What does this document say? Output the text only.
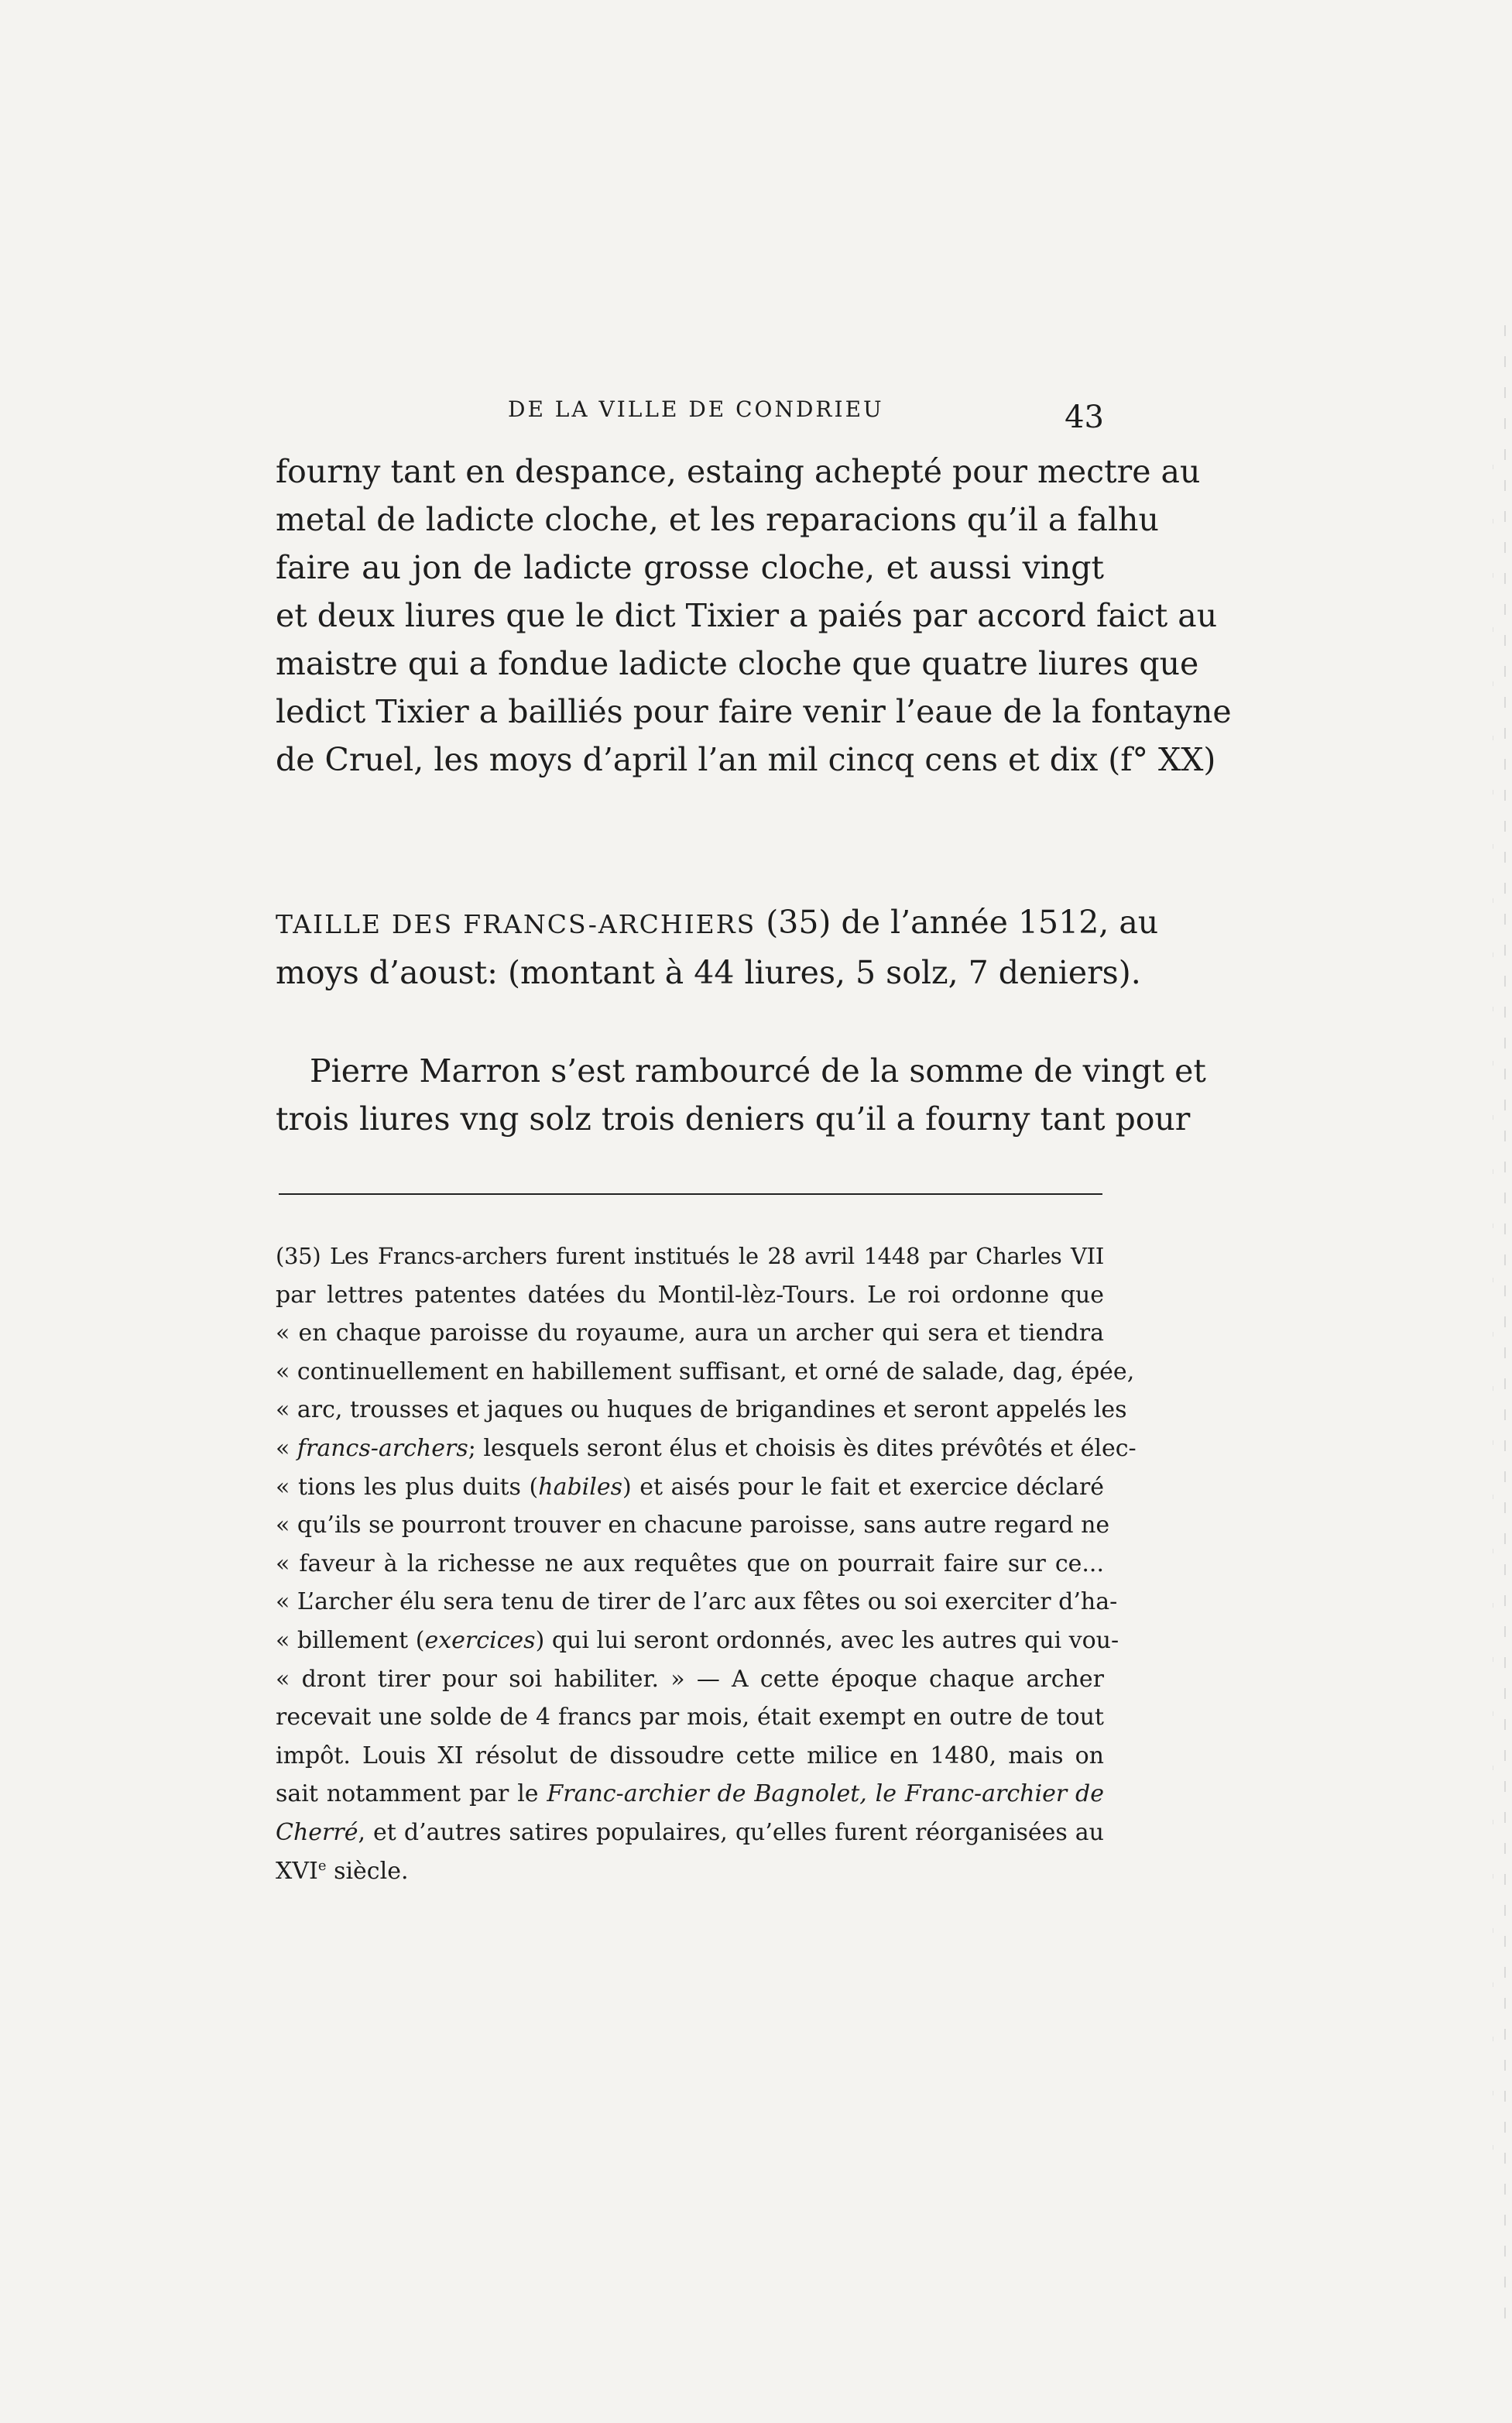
DE LA VILLE DE CONDRIEU	43
fourny tant en despance, estaing achepté pour mectre au
metal de ladicte cloche, et les reparacions qu’il a falhu
faire au jon de ladicte grosse cloche, et aussi vingt
et deux liures que le dict Tixier a paiés par accord faict au
maistre qui a fondue ladicte cloche que quatre liures que
ledict Tixier a bailliés pour faire venir l’eaue de la fontayne
de Cruel, les moys d’april l’an mil cincq cens et dix (f° XX)
TAILLE DES FRANCS-ARCHIERS (35) de l’année 1512, au
moys d’aoust: (montant à 44 liures, 5 solz, 7 deniers).
Pierre Marron s’est rambourcé de la somme de vingt et
trois liures vng solz trois deniers qu’il a fourny tant pour
(35) Les Francs-archers furent institués le 28 avril 1448 par Charles VII
par lettres patentes datées du Montil-lèz-Tours. Le roi ordonne que
« en chaque paroisse du royaume, aura un archer qui sera et tiendra
« continuellement en habillement suffisant, et orné de salade, dag, épée,
« arc, trousses et jaques ou huques de brigandines et seront appelés les
« francs-archers; lesquels seront élus et choisis ès dites prévôtés et élec-
« tions les plus duits (habiles) et aisés pour le fait et exercice déclaré
« qu’ils se pourront trouver en chacune paroisse, sans autre regard ne
« faveur à la richesse ne aux requêtes que on pourrait faire sur ce...
« L’archer élu sera tenu de tirer de l’arc aux fêtes ou soi exerciter d’ha-
« billement (exercices) qui lui seront ordonnés, avec les autres qui vou-
« dront tirer pour soi habiliter. » — A cette époque chaque archer
recevait une solde de 4 francs par mois, était exempt en outre de tout
impôt. Louis XI résolut de dissoudre cette milice en 1480, mais on
sait notamment par le Franc-archier de Bagnolet, le Franc-archier de
Cherré, et d’autres satires populaires, qu’elles furent réorganisées au
XVIe siècle.
